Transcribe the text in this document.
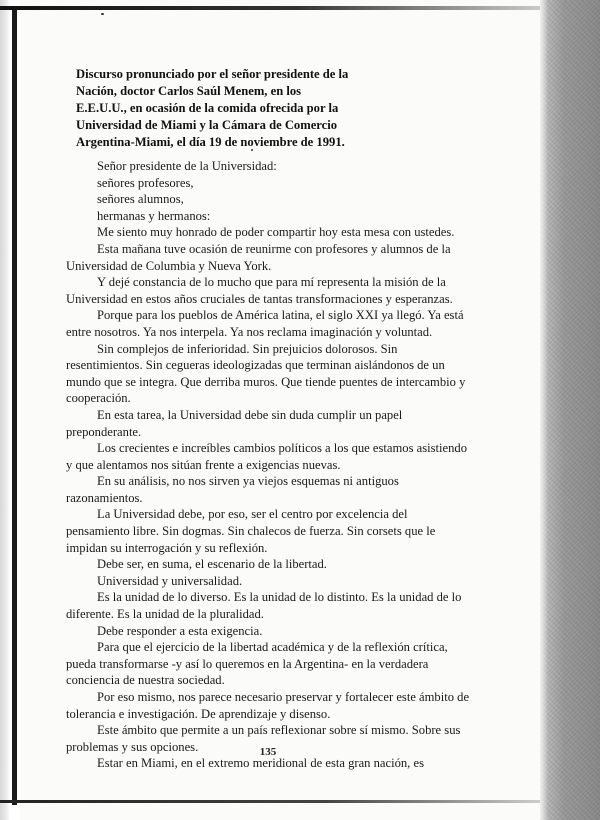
Discurso pronunciado por el señor presidente de la
Nación, doctor Carlos Saúl Menem, en los
E.E.U.U., en ocasión de la comida ofrecida por la
Universidad de Miami y la Cámara de Comercio
Argentina-Miami, el día 19 de noviembre de 1991.
Señor presidente de la Universidad:
señores profesores,
señores alumnos,
hermanas y hermanos:
Me siento muy honrado de poder compartir hoy esta mesa con ustedes.
Esta mañana tuve ocasión de reunirme con profesores y alumnos de la
Universidad de Columbia y Nueva York.
Y dejé constancia de lo mucho que para mí representa la misión de la
Universidad en estos años cruciales de tantas transformaciones y esperanzas.
Porque para los pueblos de América latina, el siglo XXI ya llegó. Ya está
entre nosotros. Ya nos interpela. Ya nos reclama imaginación y voluntad.
Sin complejos de inferioridad. Sin prejuicios dolorosos. Sin
resentimientos. Sin cegueras ideologizadas que terminan aislándonos de un
mundo que se integra. Que derriba muros. Que tiende puentes de intercambio y
cooperación.
En esta tarea, la Universidad debe sin duda cumplir un papel
preponderante.
Los crecientes e increíbles cambios políticos a los que estamos asistiendo
y que alentamos nos sitúan frente a exigencias nuevas.
En su análisis, no nos sirven ya viejos esquemas ni antiguos
razonamientos.
La Universidad debe, por eso, ser el centro por excelencia del
pensamiento libre. Sin dogmas. Sin chalecos de fuerza. Sin corsets que le
impidan su interrogación y su reflexión.
Debe ser, en suma, el escenario de la libertad.
Universidad y universalidad.
Es la unidad de lo diverso. Es la unidad de lo distinto. Es la unidad de lo
diferente. Es la unidad de la pluralidad.
Debe responder a esta exigencia.
Para que el ejercicio de la libertad académica y de la reflexión crítica,
pueda transformarse -y así lo queremos en la Argentina- en la verdadera
conciencia de nuestra sociedad.
Por eso mismo, nos parece necesario preservar y fortalecer este ámbito de
tolerancia e investigación. De aprendizaje y disenso.
Este ámbito que permite a un país reflexionar sobre sí mismo. Sobre sus
problemas y sus opciones.
Estar en Miami, en el extremo meridional de esta gran nación, es
135
